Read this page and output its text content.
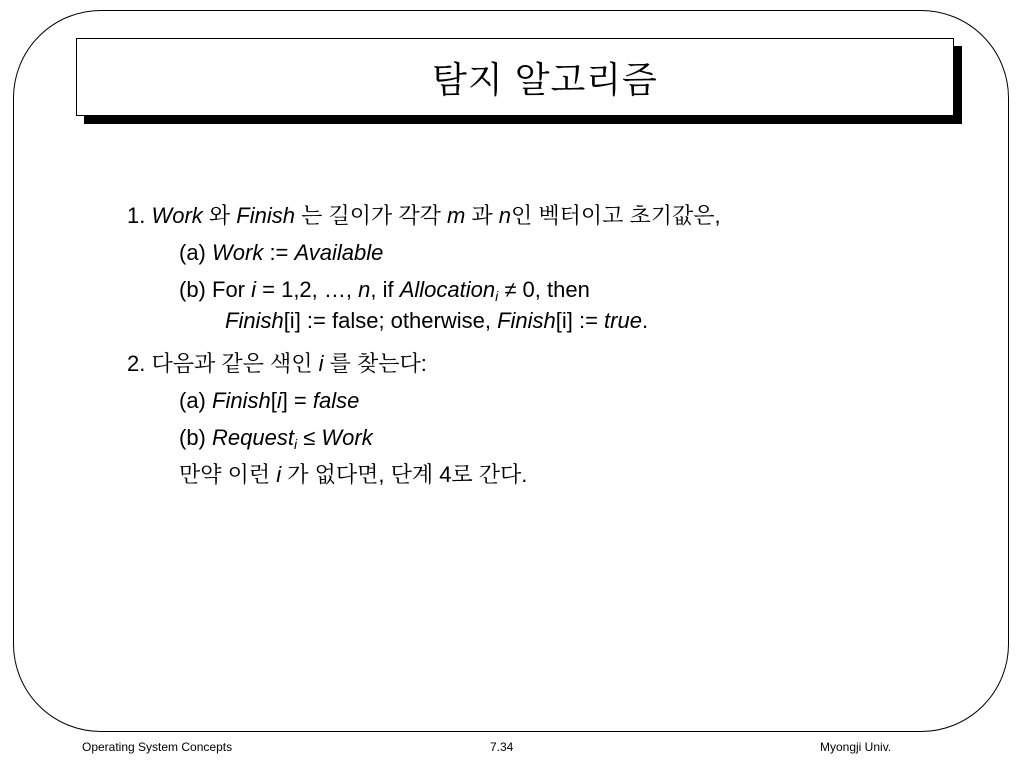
탐지 알고리즘
1. Work 와 Finish 는 길이가 각각 m 과 n인 벡터이고 초기값은,
(a) Work := Available
(b) For i = 1,2, …, n, if Allocation$_i$ ≠ 0, then
Finish[i] := false; otherwise, Finish[i] := true.
2. 다음과 같은 색인 i 를 찾는다:
(a) Finish[i] = false
(b) Request$_i$ ≤ Work
만약 이런 i 가 없다면, 단계 4로 간다.
Operating System Concepts	7.34	Myongji Univ.
